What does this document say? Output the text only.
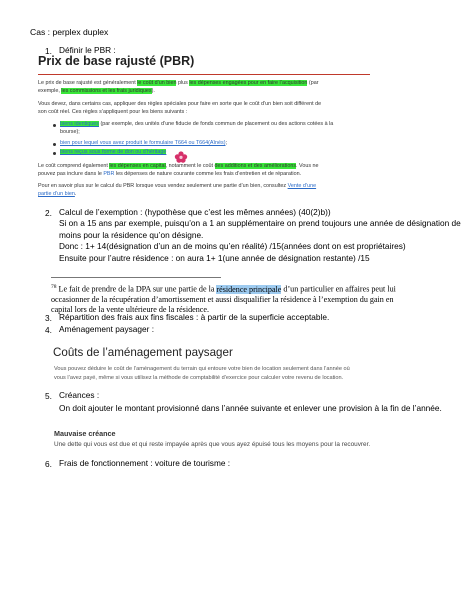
Cas : perplex duplex
1. Définir le PBR :
Prix de base rajusté (PBR)
Le prix de base rajusté est généralement le coût d’un bien plus les dépenses engagées pour en faire l’acquisition (par
exemple, les commissions et les frais juridiques).
Vous devez, dans certains cas, appliquer des règles spéciales pour faire en sorte que le coût d’un bien soit différent de
son coût réel. Ces règles s’appliquent pour les biens suivants :
biens identiques (par exemple, des unités d’une fiducie de fonds commun de placement ou des actions cotées à la
bourse);
bien pour lequel vous avez produit le formulaire T664 ou T664(Aînés);
biens reçus sous forme de don ou d’héritage
Le coût comprend également les dépenses en capital, notamment le coût des additions et des améliorations. Vous ne
pouvez pas inclure dans le PBR les dépenses de nature courante comme les frais d’entretien et de réparation.
Pour en savoir plus sur le calcul du PBR lorsque vous vendez seulement une partie d’un bien, consultez Vente d’une
partie d’un bien.
2. Calcul de l’exemption : (hypothèse que c’est les mêmes années) (40(2)b))
Si on a 15 ans par exemple, puisqu’on a 1 an supplémentaire on prend toujours une année de désignation de
moins pour la résidence qu’on désigne.
Donc : 1+ 14(désignation d’un an de moins qu’en réalité) /15(années dont on est propriétaires)
Ensuite pour l’autre résidence : on aura 1+ 1(une année de désignation restante) /15
$^{78}$ Le fait de prendre de la DPA sur une partie de la résidence principale d’un particulier en affaires peut lui
occasionner de la récupération d’amortissement et aussi disqualifier la résidence à l’exemption du gain en
capital lors de la vente ultérieure de la résidence.
3. Répartition des frais aux fins fiscales : à partir de la superficie acceptable.
4. Aménagement paysager :
Coûts de l’aménagement paysager
Vous pouvez déduire le coût de l’aménagement du terrain qui entoure votre bien de location seulement dans l’année où
vous l’avez payé, même si vous utilisez la méthode de comptabilité d’exercice pour calculer votre revenu de location.
5. Créances :
On doit ajouter le montant provisionné dans l’année suivante et enlever une provision à la fin de l’année.
Mauvaise créance
Une dette qui vous est due et qui reste impayée après que vous ayez épuisé tous les moyens pour la recouvrer.
6. Frais de fonctionnement : voiture de tourisme :
